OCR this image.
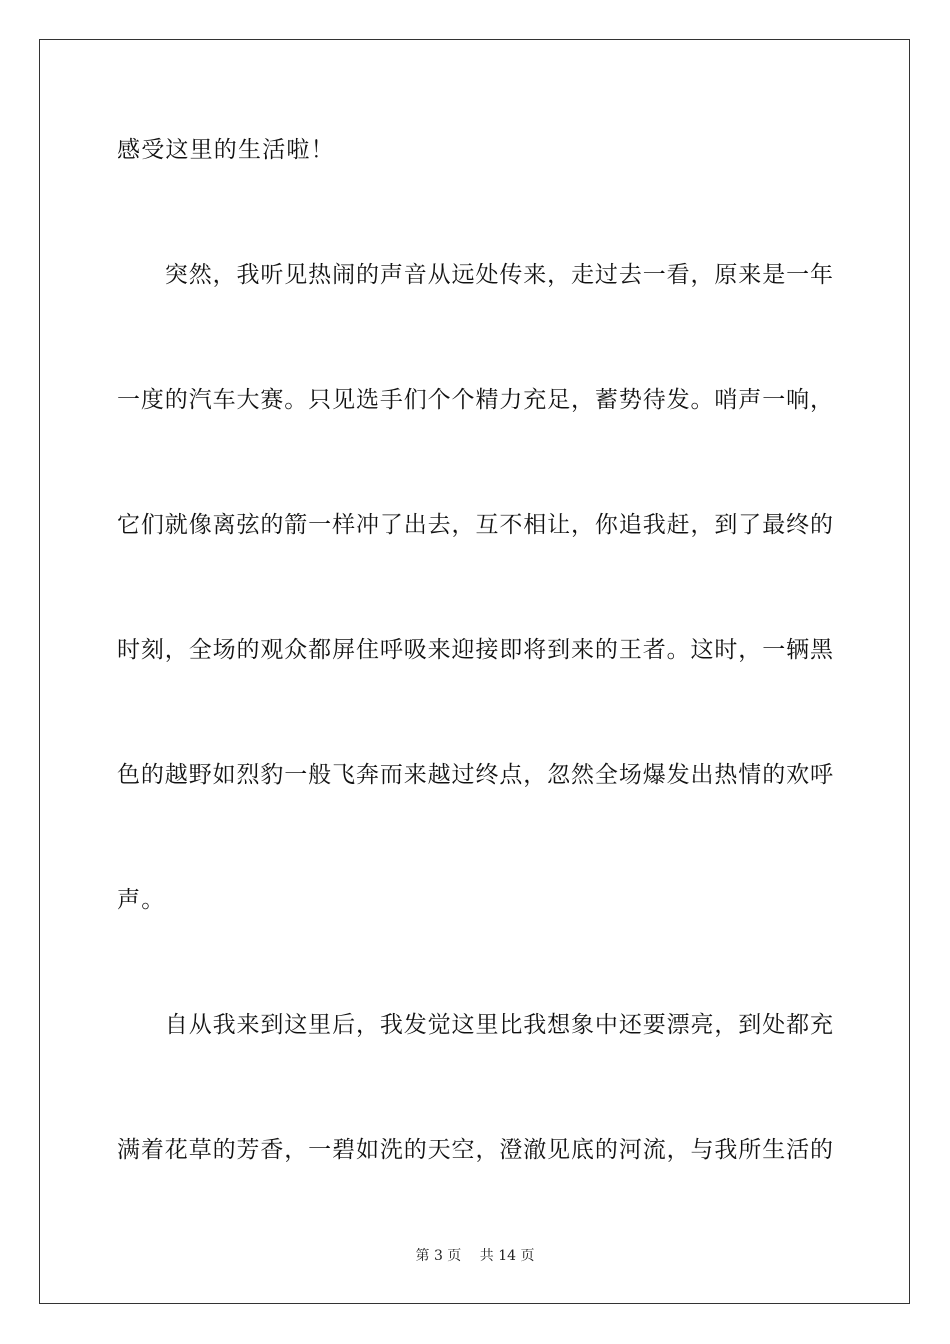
感受这里的生活啦！
　　突然，我听见热闹的声音从远处传来，走过去一看，原来是一年
一度的汽车大赛。只见选手们个个精力充足，蓄势待发。哨声一响，
它们就像离弦的箭一样冲了出去，互不相让，你追我赶，到了最终的
时刻，全场的观众都屏住呼吸来迎接即将到来的王者。这时，一辆黑
色的越野如烈豹一般飞奔而来越过终点，忽然全场爆发出热情的欢呼
声。
　　自从我来到这里后，我发觉这里比我想象中还要漂亮，到处都充
满着花草的芳香，一碧如洗的天空，澄澈见底的河流，与我所生活的
第 3 页　 共 14 页
